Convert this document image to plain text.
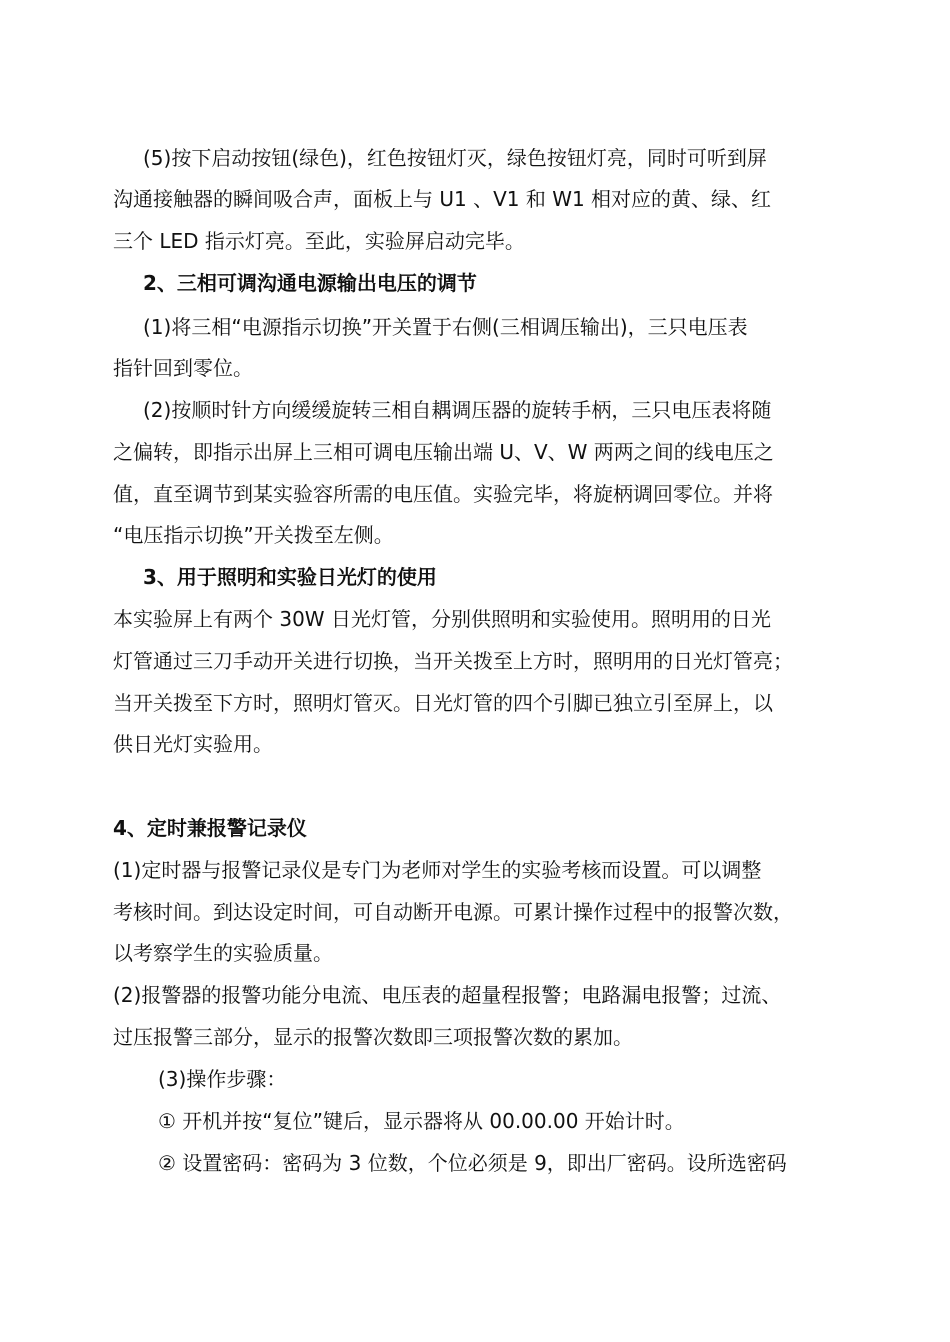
(5)按下启动按钮(绿色)，红色按钮灯灭，绿色按钮灯亮，同时可听到屏
沟通接触器的瞬间吸合声，面板上与 U1 、V1 和 W1 相对应的黄、绿、红
三个 LED 指示灯亮。至此，实验屏启动完毕。
2、三相可调沟通电源输出电压的调节
(1)将三相“电源指示切换”开关置于右侧(三相调压输出)，三只电压表
指针回到零位。
(2)按顺时针方向缓缓旋转三相自耦调压器的旋转手柄，三只电压表将随
之偏转，即指示出屏上三相可调电压输出端 U、V、W 两两之间的线电压之
值，直至调节到某实验容所需的电压值。实验完毕，将旋柄调回零位。并将
“电压指示切换”开关拨至左侧。
3、用于照明和实验日光灯的使用
本实验屏上有两个 30W 日光灯管，分别供照明和实验使用。照明用的日光
灯管通过三刀手动开关进行切换，当开关拨至上方时，照明用的日光灯管亮；
当开关拨至下方时，照明灯管灭。日光灯管的四个引脚已独立引至屏上，以
供日光灯实验用。
4、定时兼报警记录仪
(1)定时器与报警记录仪是专门为老师对学生的实验考核而设置。可以调整
考核时间。到达设定时间，可自动断开电源。可累计操作过程中的报警次数，
以考察学生的实验质量。
(2)报警器的报警功能分电流、电压表的超量程报警；电路漏电报警；过流、
过压报警三部分，显示的报警次数即三项报警次数的累加。
(3)操作步骤：
① 开机并按“复位”键后，显示器将从 00.00.00 开始计时。
② 设置密码：密码为 3 位数，个位必须是 9，即出厂密码。设所选密码
